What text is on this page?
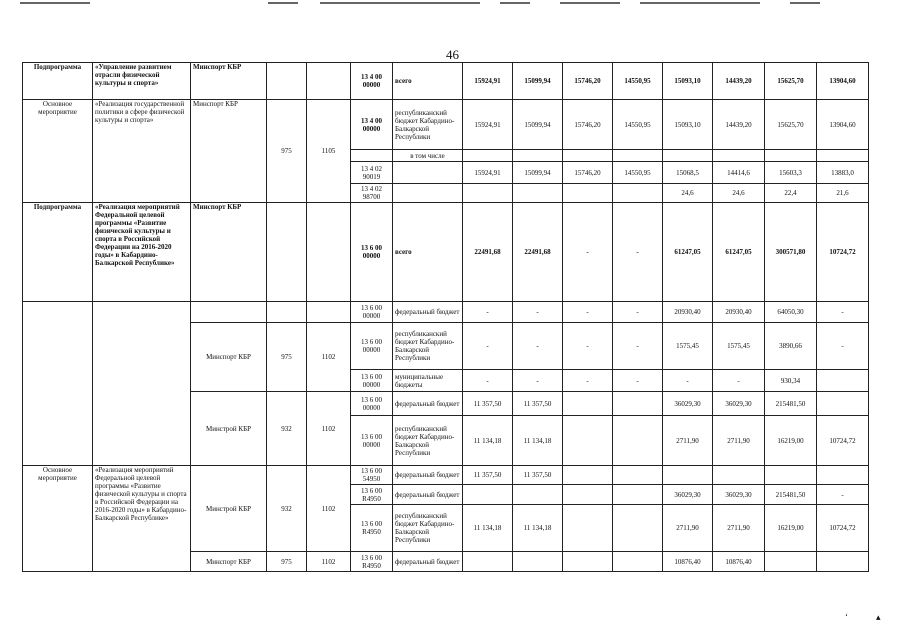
46
Подпрограмма	«Управление развитием отрасли физической культуры и спорта»	Минспорт КБР			13 4 00 00000	всего	15924,91	15099,94	15746,20	14550,95	15093,10	14439,20	15625,70	13904,60
Основное мероприятие	«Реализация государственной политики в сфере физической культуры и спорта»	Минспорт КБР	975	1105	13 4 00 00000	республиканский бюджет Кабардино-Балкарской Республики	15924,91	15099,94	15746,20	14550,95	15093,10	14439,20	15625,70	13904,60
						в том числе								
					13 4 02 90019		15924,91	15099,94	15746,20	14550,95	15068,5	14414,6	15603,3	13883,0
					13 4 02 98700						24,6	24,6	22,4	21,6
Подпрограмма	«Реализация мероприятий Федеральной целевой программы «Развитие физической культуры и спорта в Российской Федерации на 2016-2020 годы» в Кабардино-Балкарской Республике»	Минспорт КБР			13 6 00 00000	всего	22491,68	22491,68	-	-	61247,05	61247,05	300571,80	10724,72
					13 6 00 00000	федеральный бюджет	-	-	-	-	20930,40	20930,40	64050,30	-
		Минспорт КБР	975	1102	13 6 00 00000	республиканский бюджет Кабардино-Балкарской Республики	-	-	-	-	1575,45	1575,45	3890,66	-
					13 6 00 00000	муниципальные бюджеты	-	-	-	-	-	-	930,34	
		Минстрой КБР	932	1102	13 6 00 00000	федеральный бюджет	11 357,50	11 357,50			36029,30	36029,30	215481,50	
					13 6 00 00000	республиканский бюджет Кабардино-Балкарской Республики	11 134,18	11 134,18			2711,90	2711,90	16219,00	10724,72
Основное мероприятие	«Реализация мероприятий Федеральной целевой программы «Развитие физической культуры и спорта в Российской Федерации на 2016-2020 годы» в Кабардино-Балкарской Республике»	Минстрой КБР	932	1102	13 6 00 54950	федеральный бюджет	11 357,50	11 357,50						
					13 6 00 R4950	федеральный бюджет					36029,30	36029,30	215481,50	-
					13 6 00 R4950	республиканский бюджет Кабардино-Балкарской Республики	11 134,18	11 134,18			2711,90	2711,90	16219,00	10724,72
		Минспорт КБР	975	1102	13 6 00 R4950	федеральный бюджет					10876,40	10876,40		
‘	▴
